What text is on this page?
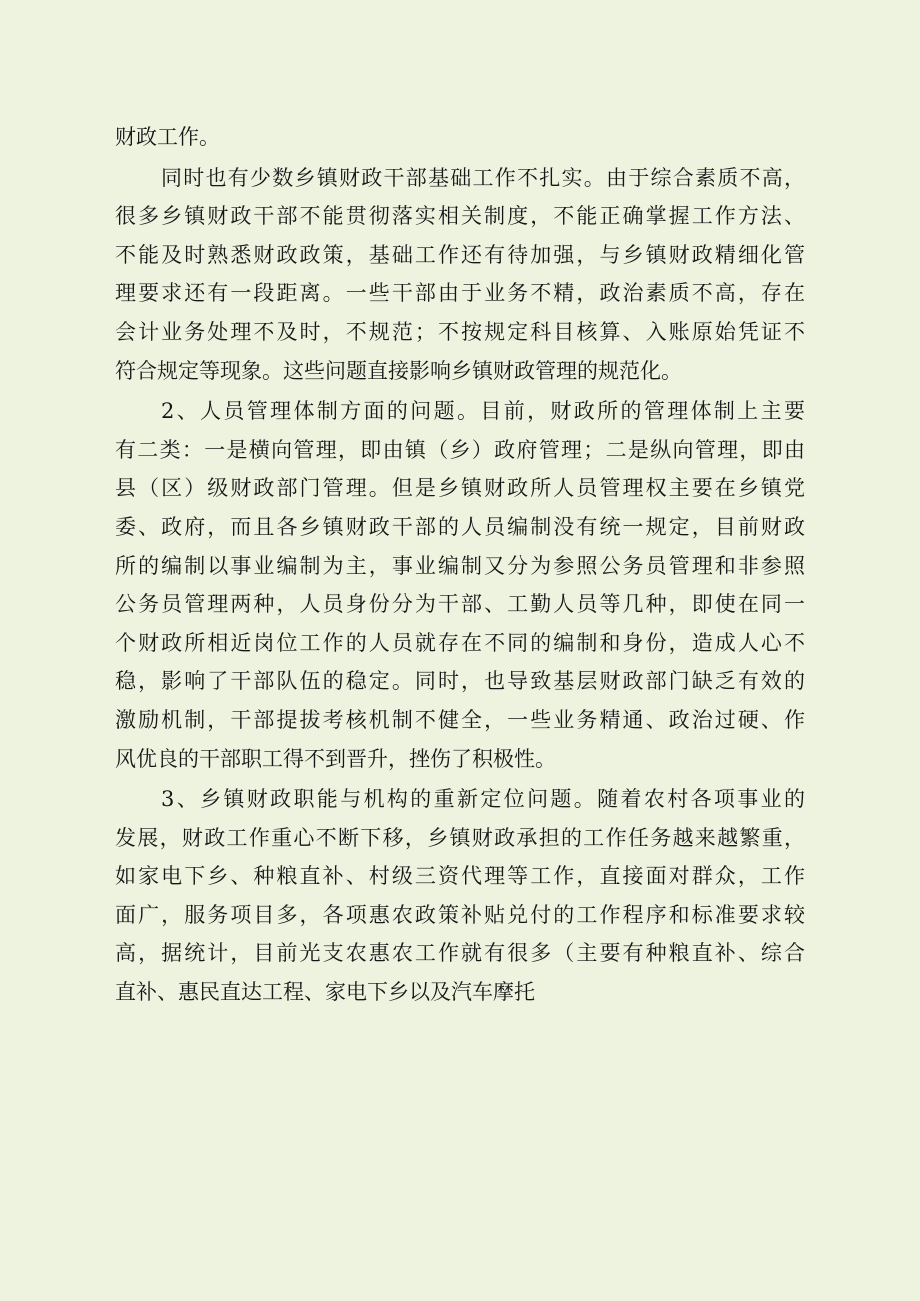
财政工作。

同时也有少数乡镇财政干部基础工作不扎实。由于综合素质不高，
很多乡镇财政干部不能贯彻落实相关制度，不能正确掌握工作方法、
不能及时熟悉财政政策，基础工作还有待加强，与乡镇财政精细化管
理要求还有一段距离。一些干部由于业务不精，政治素质不高，存在
会计业务处理不及时，不规范；不按规定科目核算、入账原始凭证不
符合规定等现象。这些问题直接影响乡镇财政管理的规范化。

2、人员管理体制方面的问题。目前，财政所的管理体制上主要
有二类：一是横向管理，即由镇（乡）政府管理；二是纵向管理，即由
县（区）级财政部门管理。但是乡镇财政所人员管理权主要在乡镇党
委、政府，而且各乡镇财政干部的人员编制没有统一规定，目前财政
所的编制以事业编制为主，事业编制又分为参照公务员管理和非参照
公务员管理两种，人员身份分为干部、工勤人员等几种，即使在同一
个财政所相近岗位工作的人员就存在不同的编制和身份，造成人心不
稳，影响了干部队伍的稳定。同时，也导致基层财政部门缺乏有效的
激励机制，干部提拔考核机制不健全，一些业务精通、政治过硬、作
风优良的干部职工得不到晋升，挫伤了积极性。

3、乡镇财政职能与机构的重新定位问题。随着农村各项事业的
发展，财政工作重心不断下移，乡镇财政承担的工作任务越来越繁重，
如家电下乡、种粮直补、村级三资代理等工作，直接面对群众，工作
面广，服务项目多，各项惠农政策补贴兑付的工作程序和标准要求较
高，据统计，目前光支农惠农工作就有很多（主要有种粮直补、综合
直补、惠民直达工程、家电下乡以及汽车摩托
